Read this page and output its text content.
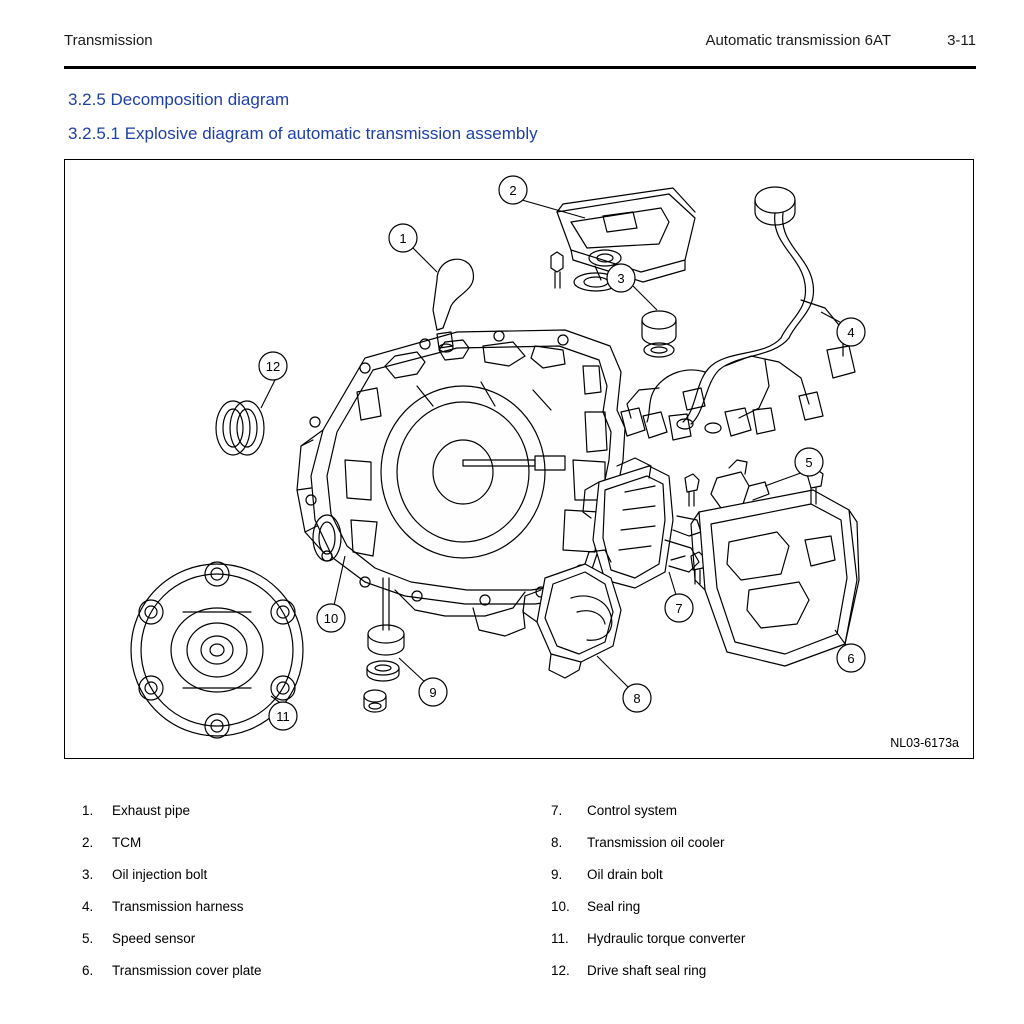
Transmission	Automatic transmission 6AT	3-11
3.2.5 Decomposition diagram
3.2.5.1 Explosive diagram of automatic transmission assembly
1
2
3
4
5
6
7
8
9
10
11
12
NL03-6173a
1.	Exhaust pipe
2.	TCM
3.	Oil injection bolt
4.	Transmission harness
5.	Speed sensor
6.	Transmission cover plate
7.	Control system
8.	Transmission oil cooler
9.	Oil drain bolt
10.	Seal ring
11.	Hydraulic torque converter
12.	Drive shaft seal ring
